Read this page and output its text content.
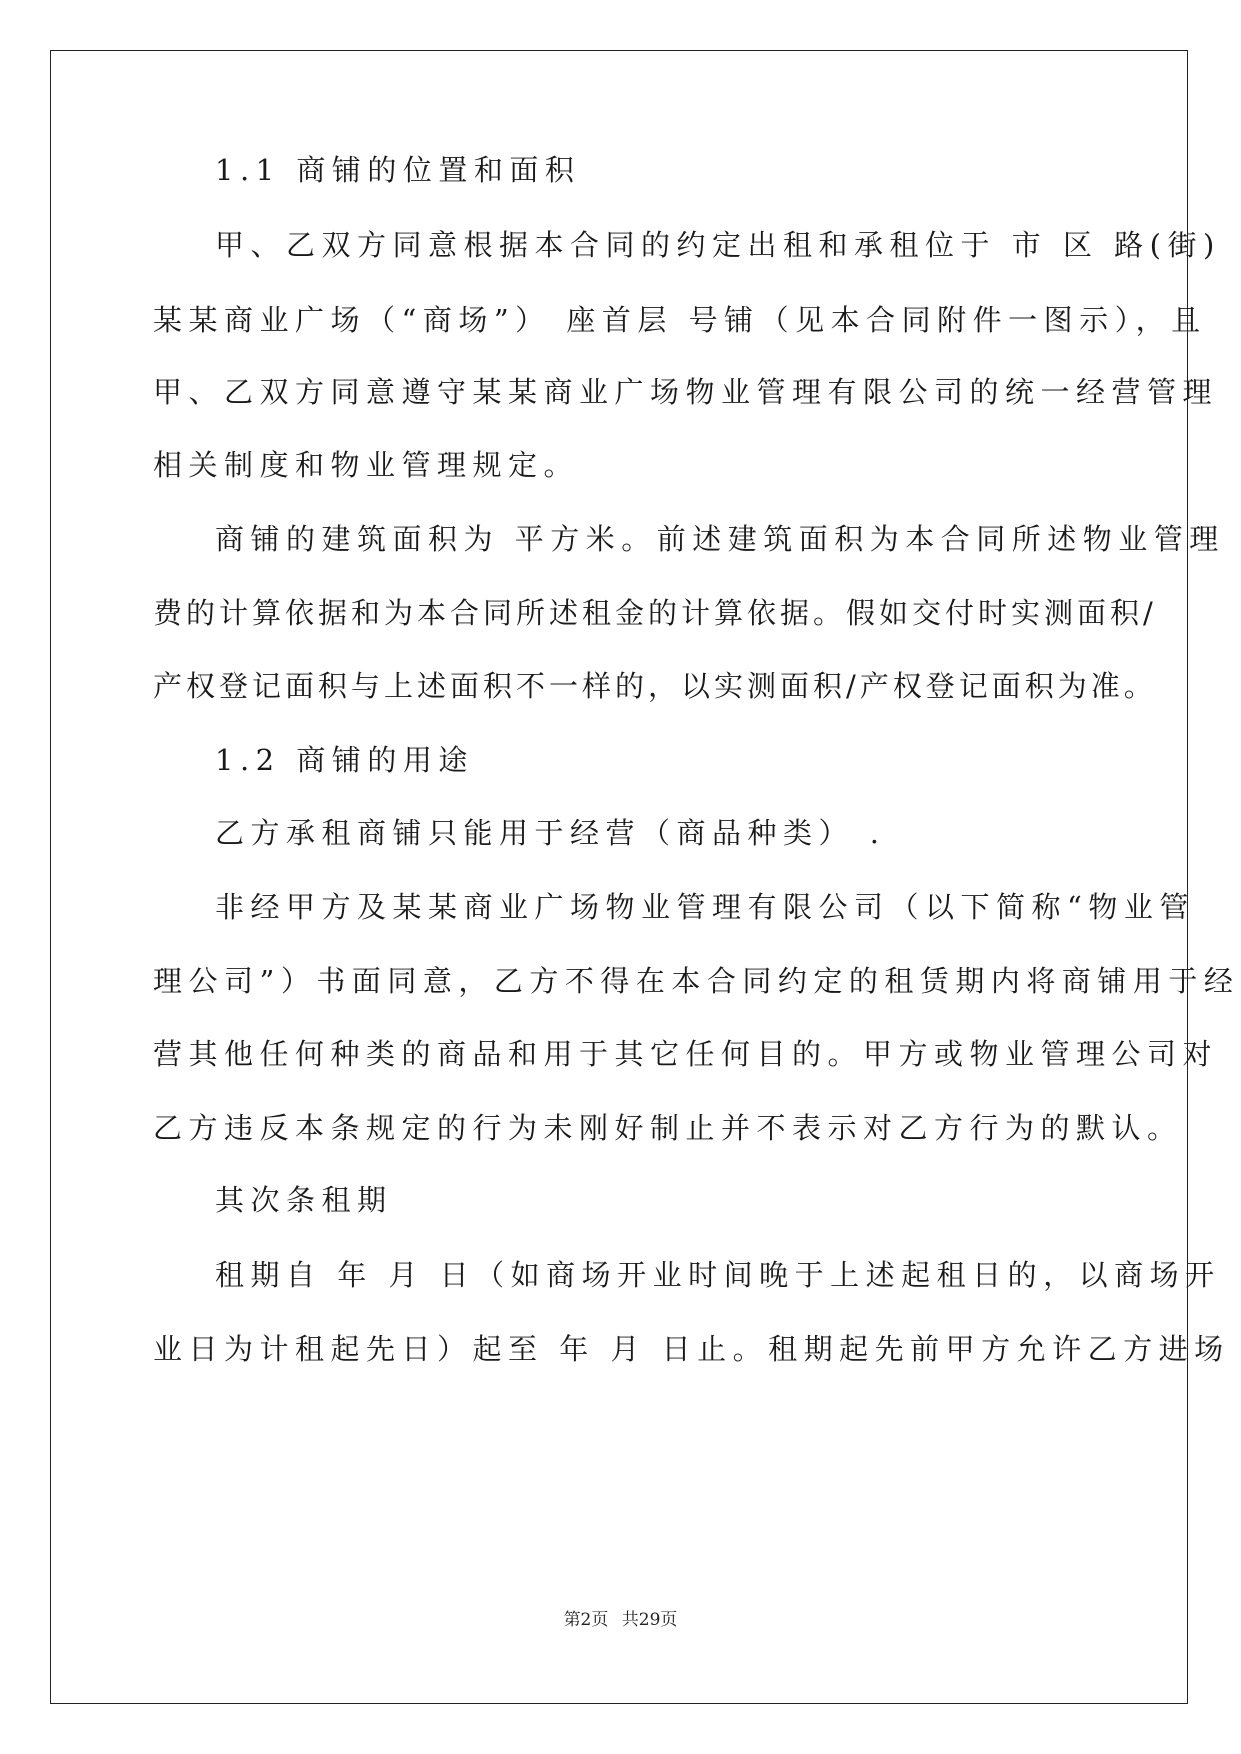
1.1 商铺的位置和面积
甲、乙双方同意根据本合同的约定出租和承租位于 市 区 路(街)
某某商业广场（“商场”） 座首层 号铺（见本合同附件一图示），且
甲、乙双方同意遵守某某商业广场物业管理有限公司的统一经营管理
相关制度和物业管理规定。
商铺的建筑面积为 平方米。前述建筑面积为本合同所述物业管理
费的计算依据和为本合同所述租金的计算依据。假如交付时实测面积/
产权登记面积与上述面积不一样的，以实测面积/产权登记面积为准。
1.2 商铺的用途
乙方承租商铺只能用于经营（商品种类） .
非经甲方及某某商业广场物业管理有限公司（以下简称“物业管
理公司”）书面同意，乙方不得在本合同约定的租赁期内将商铺用于经
营其他任何种类的商品和用于其它任何目的。甲方或物业管理公司对
乙方违反本条规定的行为未刚好制止并不表示对乙方行为的默认。
其次条租期
租期自 年 月 日（如商场开业时间晚于上述起租日的，以商场开
业日为计租起先日）起至 年 月 日止。租期起先前甲方允许乙方进场
第2页 共29页
